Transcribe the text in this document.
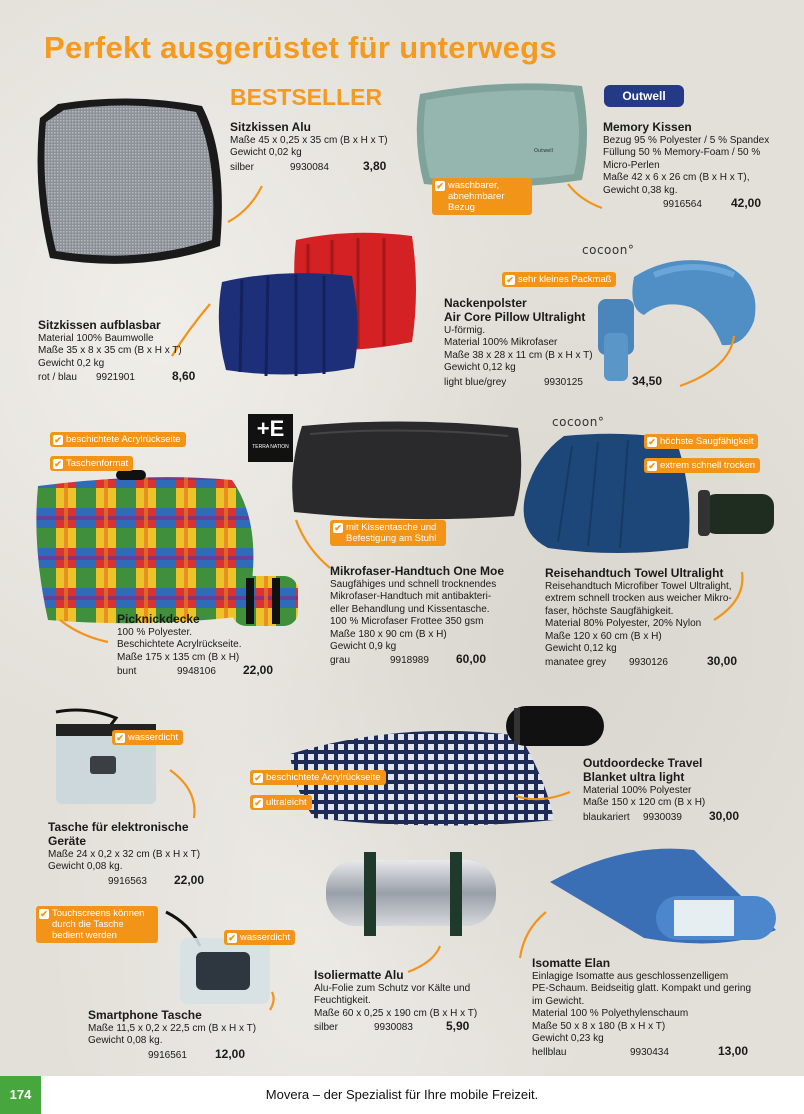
Perfekt ausgerüstet für unterwegs
BESTSELLER
Outwell
Outwell
cocoon°
+E
TERRA NATION
cocoon°
✔ waschbarer, abnehmbarer Bezug
✔ sehr kleines Packmaß
✔ beschichtete Acrylrückseite
✔ Taschenformat
✔ mit Kissentasche und Befestigung am Stuhl
✔ höchste Saugfähigkeit
✔ extrem schnell trocken
✔ wasserdicht
✔ beschichtete Acrylrückseite
✔ ultraleicht
✔ Touchscreens können durch die Tasche bedient werden	✔ wasserdicht
Sitzkissen Alu
Maße 45 x 0,25 x 35 cm (B x H x T)
Gewicht 0,02 kg
silber	9930084	3,80
Memory Kissen
Bezug 95 % Polyester / 5 % Spandex
Füllung 50 % Memory-Foam / 50 %
Micro-Perlen
Maße 42 x 6 x 26 cm (B x H x T),
Gewicht 0,38 kg.
9916564 42,00
Sitzkissen aufblasbar
Material 100% Baumwolle
Maße 35 x 8 x 35 cm (B x H x T)
Gewicht 0,2 kg
rot / blau 9921901	8,60
Nackenpolster
Air Core Pillow Ultralight
U-förmig.
Material 100% Mikrofaser
Maße 38 x 28 x 11 cm (B x H x T)
Gewicht 0,12 kg
light blue/grey	9930125	34,50
Picknickdecke
100 % Polyester.
Beschichtete Acrylrückseite.
Maße 175 x 135 cm (B x H)
bunt	9948106 22,00
Mikrofaser-Handtuch One Moe
Saugfähiges und schnell trocknendes
Mikrofaser-Handtuch mit antibakteri-
eller Behandlung und Kissentasche.
100 % Microfaser Frottee 350 gsm
Maße 180 x 90 cm (B x H)
Gewicht 0,9 kg
grau	9918989 60,00
Reisehandtuch Towel Ultralight
Reisehandtuch Microfiber Towel Ultralight,
extrem schnell trocken aus weicher Mikro-
faser, höchste Saugfähigkeit.
Material 80% Polyester, 20% Nylon
Maße 120 x 60 cm (B x H)
Gewicht 0,12 kg
manatee grey 9930126	30,00
Tasche für elektronische Geräte
Maße 24 x 0,2 x 32 cm (B x H x T)
Gewicht 0,08 kg.
9916563 22,00
Outdoordecke Travel
Blanket ultra light
Material 100% Polyester
Maße 150 x 120 cm (B x H)
blaukariert 9930039 30,00
Smartphone Tasche
Maße 11,5 x 0,2 x 22,5 cm (B x H x T)
Gewicht 0,08 kg.
9916561 12,00
Isoliermatte Alu
Alu-Folie zum Schutz vor Kälte und
Feuchtigkeit.
Maße 60 x 0,25 x 190 cm (B x H x T)
silber	9930083	5,90
Isomatte Elan
Einlagige Isomatte aus geschlossenzelligem
PE-Schaum. Beidseitig glatt. Kompakt und gering
im Gewicht.
Material 100 % Polyethylenschaum
Maße 50 x 8 x 180 (B x H x T)
Gewicht 0,23 kg
hellblau	9930434	13,00
Movera – der Spezialist für Ihre mobile Freizeit.
174
